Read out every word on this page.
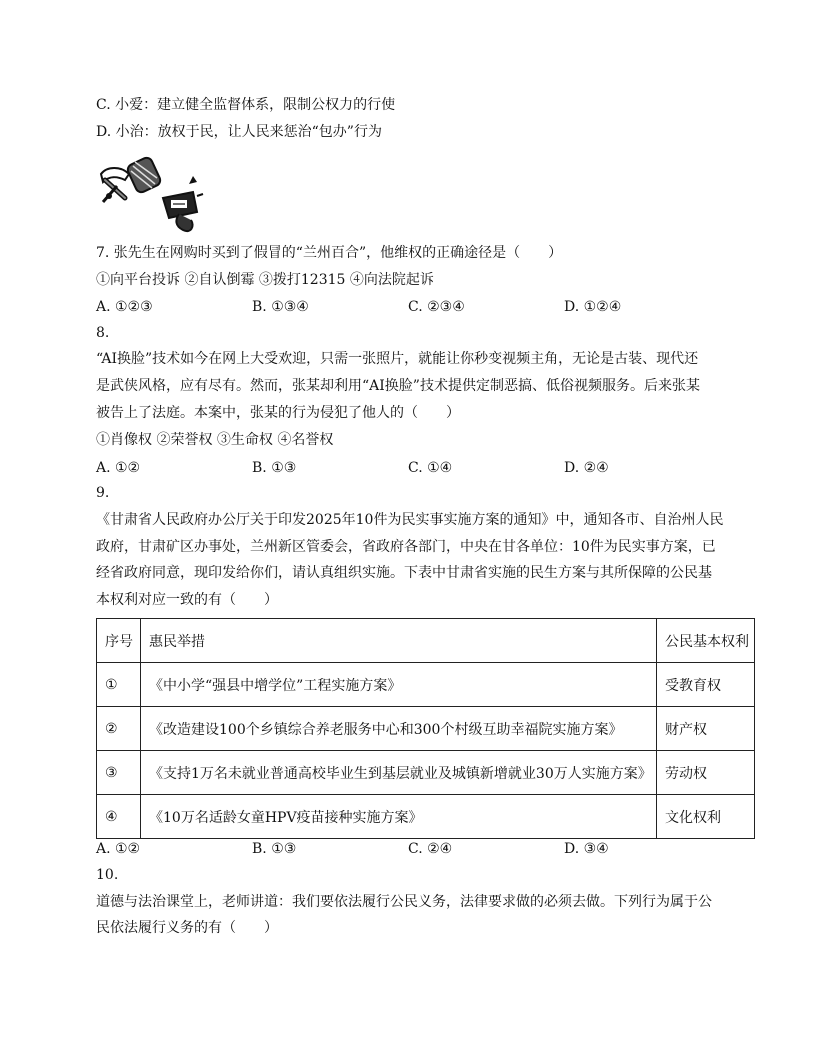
C. 小爱：建立健全监督体系，限制公权力的行使
D. 小治：放权于民，让人民来惩治“包办”行为
7. 张先生在网购时买到了假冒的“兰州百合”，他维权的正确途径是（　　）
①向平台投诉 ②自认倒霉 ③拨打12315 ④向法院起诉
A. ①②③	B. ①③④	C. ②③④	D. ①②④
8.
“AI换脸”技术如今在网上大受欢迎，只需一张照片，就能让你秒变视频主角，无论是古装、现代还
是武侠风格，应有尽有。然而，张某却利用“AI换脸”技术提供定制恶搞、低俗视频服务。后来张某
被告上了法庭。本案中，张某的行为侵犯了他人的（　　）
①肖像权 ②荣誉权 ③生命权 ④名誉权
A. ①②	B. ①③	C. ①④	D. ②④
9.
《甘肃省人民政府办公厅关于印发2025年10件为民实事实施方案的通知》中，通知各市、自治州人民
政府，甘肃矿区办事处，兰州新区管委会，省政府各部门，中央在甘各单位：10件为民实事方案，已
经省政府同意，现印发给你们，请认真组织实施。下表中甘肃省实施的民生方案与其所保障的公民基
本权利对应一致的有（　　）
序号	惠民举措	公民基本权利
①	《中小学“强县中增学位”工程实施方案》	受教育权
②	《改造建设100个乡镇综合养老服务中心和300个村级互助幸福院实施方案》	财产权
③	《支持1万名未就业普通高校毕业生到基层就业及城镇新增就业30万人实施方案》	劳动权
④	《10万名适龄女童HPV疫苗接种实施方案》	文化权利
A. ①②	B. ①③	C. ②④	D. ③④
10.
道德与法治课堂上，老师讲道：我们要依法履行公民义务，法律要求做的必须去做。下列行为属于公
民依法履行义务的有（　　）
